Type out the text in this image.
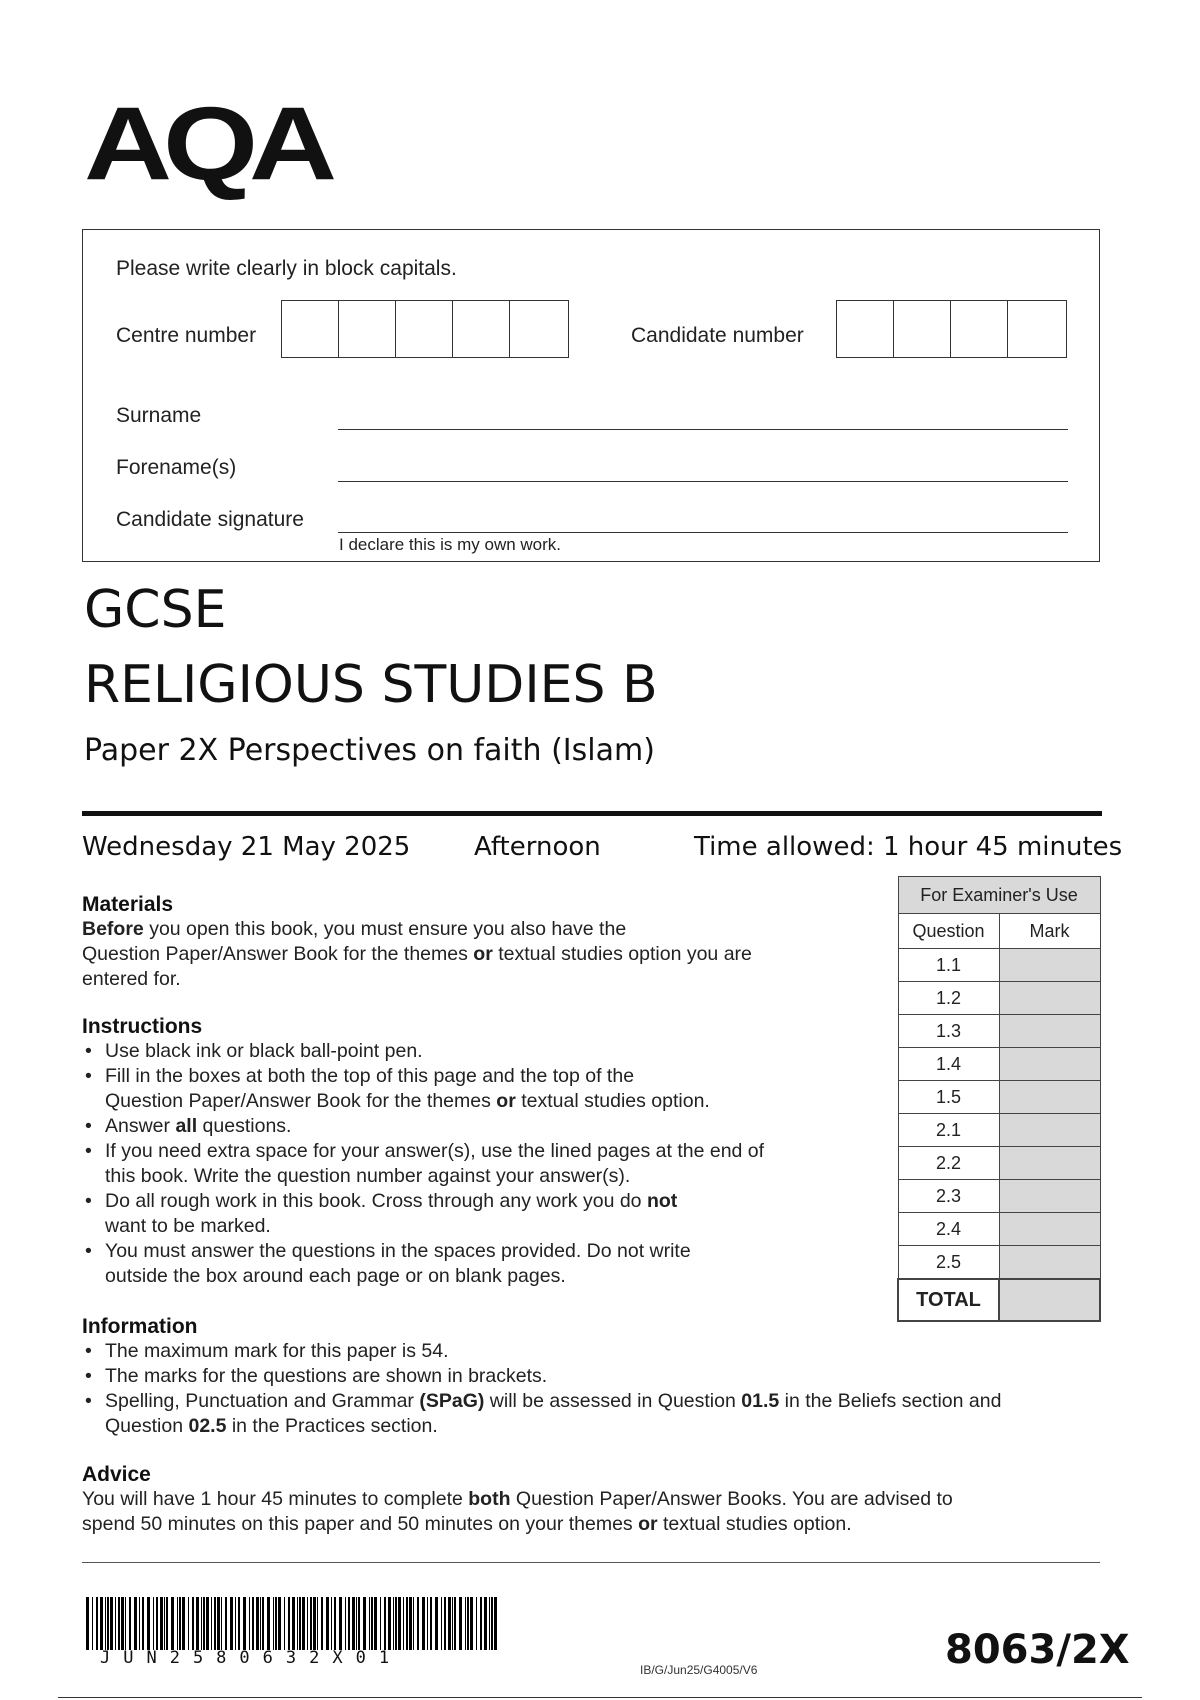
AQA
Please write clearly in block capitals.
Centre number	Candidate number
Surname
Forename(s)
Candidate signature
I declare this is my own work.
GCSE
RELIGIOUS STUDIES B
Paper 2X Perspectives on faith (Islam)
Wednesday 21 May 2025 Afternoon	Time allowed: 1 hour 45 minutes
Materials
Before you open this book, you must ensure you also have the
Question Paper/Answer Book for the themes or textual studies option you are
entered for.
Instructions
• Use black ink or black ball-point pen.
• Fill in the boxes at both the top of this page and the top of the
Question Paper/Answer Book for the themes or textual studies option.
• Answer all questions.
• If you need extra space for your answer(s), use the lined pages at the end of
this book. Write the question number against your answer(s).
• Do all rough work in this book. Cross through any work you do not
want to be marked.
• You must answer the questions in the spaces provided. Do not write
outside the box around each page or on blank pages.
Information
• The maximum mark for this paper is 54.
• The marks for the questions are shown in brackets.
• Spelling, Punctuation and Grammar (SPaG) will be assessed in Question 01.5 in the Beliefs section and
Question 02.5 in the Practices section.
Advice
You will have 1 hour 45 minutes to complete both Question Paper/Answer Books. You are advised to
spend 50 minutes on this paper and 50 minutes on your themes or textual studies option.
For Examiner's Use	
Question	Mark
1.1	
1.2	
1.3	
1.4	
1.5	
2.1	
2.2	
2.3	
2.4	
2.5	
TOTAL	
JUN2580632X01
IB/G/Jun25/G4005/V6	8063/2X
